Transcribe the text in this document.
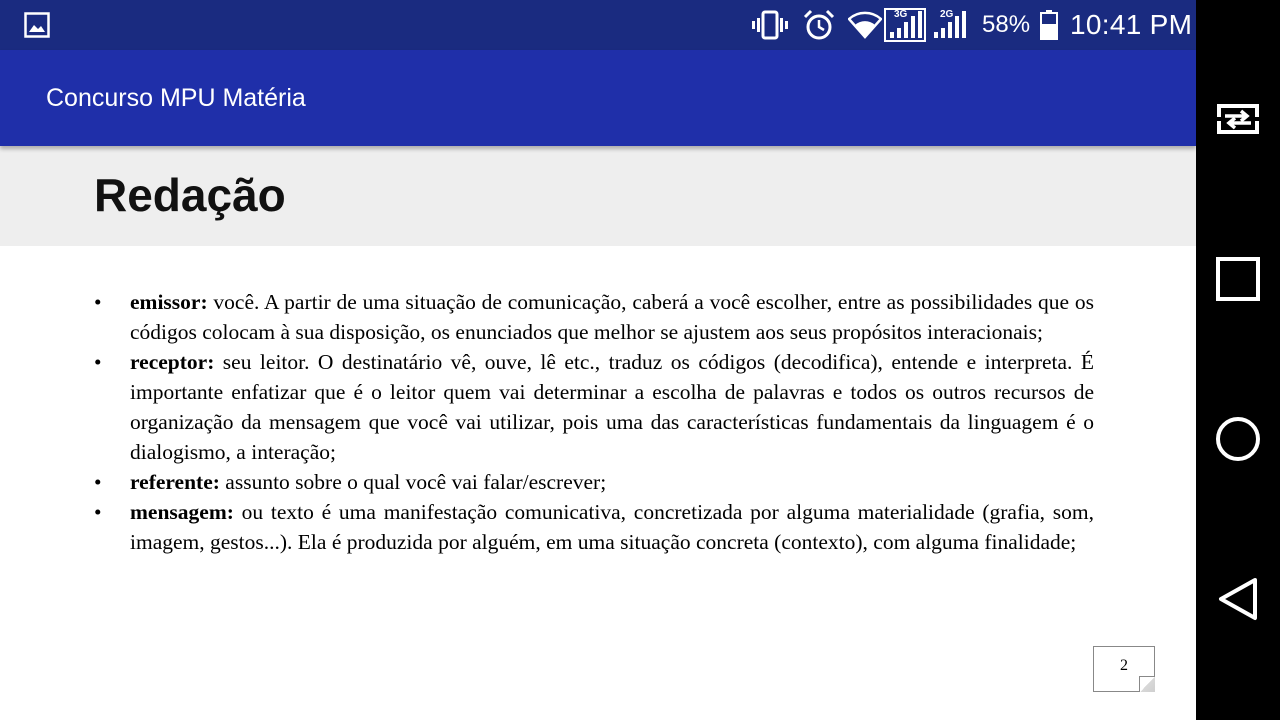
3G	2G 58% 10:41 PM
Concurso MPU Matéria
Redação
• emissor: você. A partir de uma situação de comunicação, caberá a você escolher, entre as possibilidades que os códigos colocam à sua disposição, os enunciados que melhor se ajustem aos seus propósitos interacionais;
• receptor: seu leitor. O destinatário vê, ouve, lê etc., traduz os códigos (decodifica), entende e interpreta. É importante enfatizar que é o leitor quem vai determinar a escolha de palavras e todos os outros recursos de organização da mensagem que você vai utilizar, pois uma das características fundamentais da linguagem é o dialogismo, a interação;
• referente: assunto sobre o qual você vai falar/escrever;
• mensagem: ou texto é uma manifestação comunicativa, concretizada por alguma materialidade (grafia, som, imagem, gestos...). Ela é produzida por alguém, em uma situação concreta (contexto), com alguma finalidade;
2
